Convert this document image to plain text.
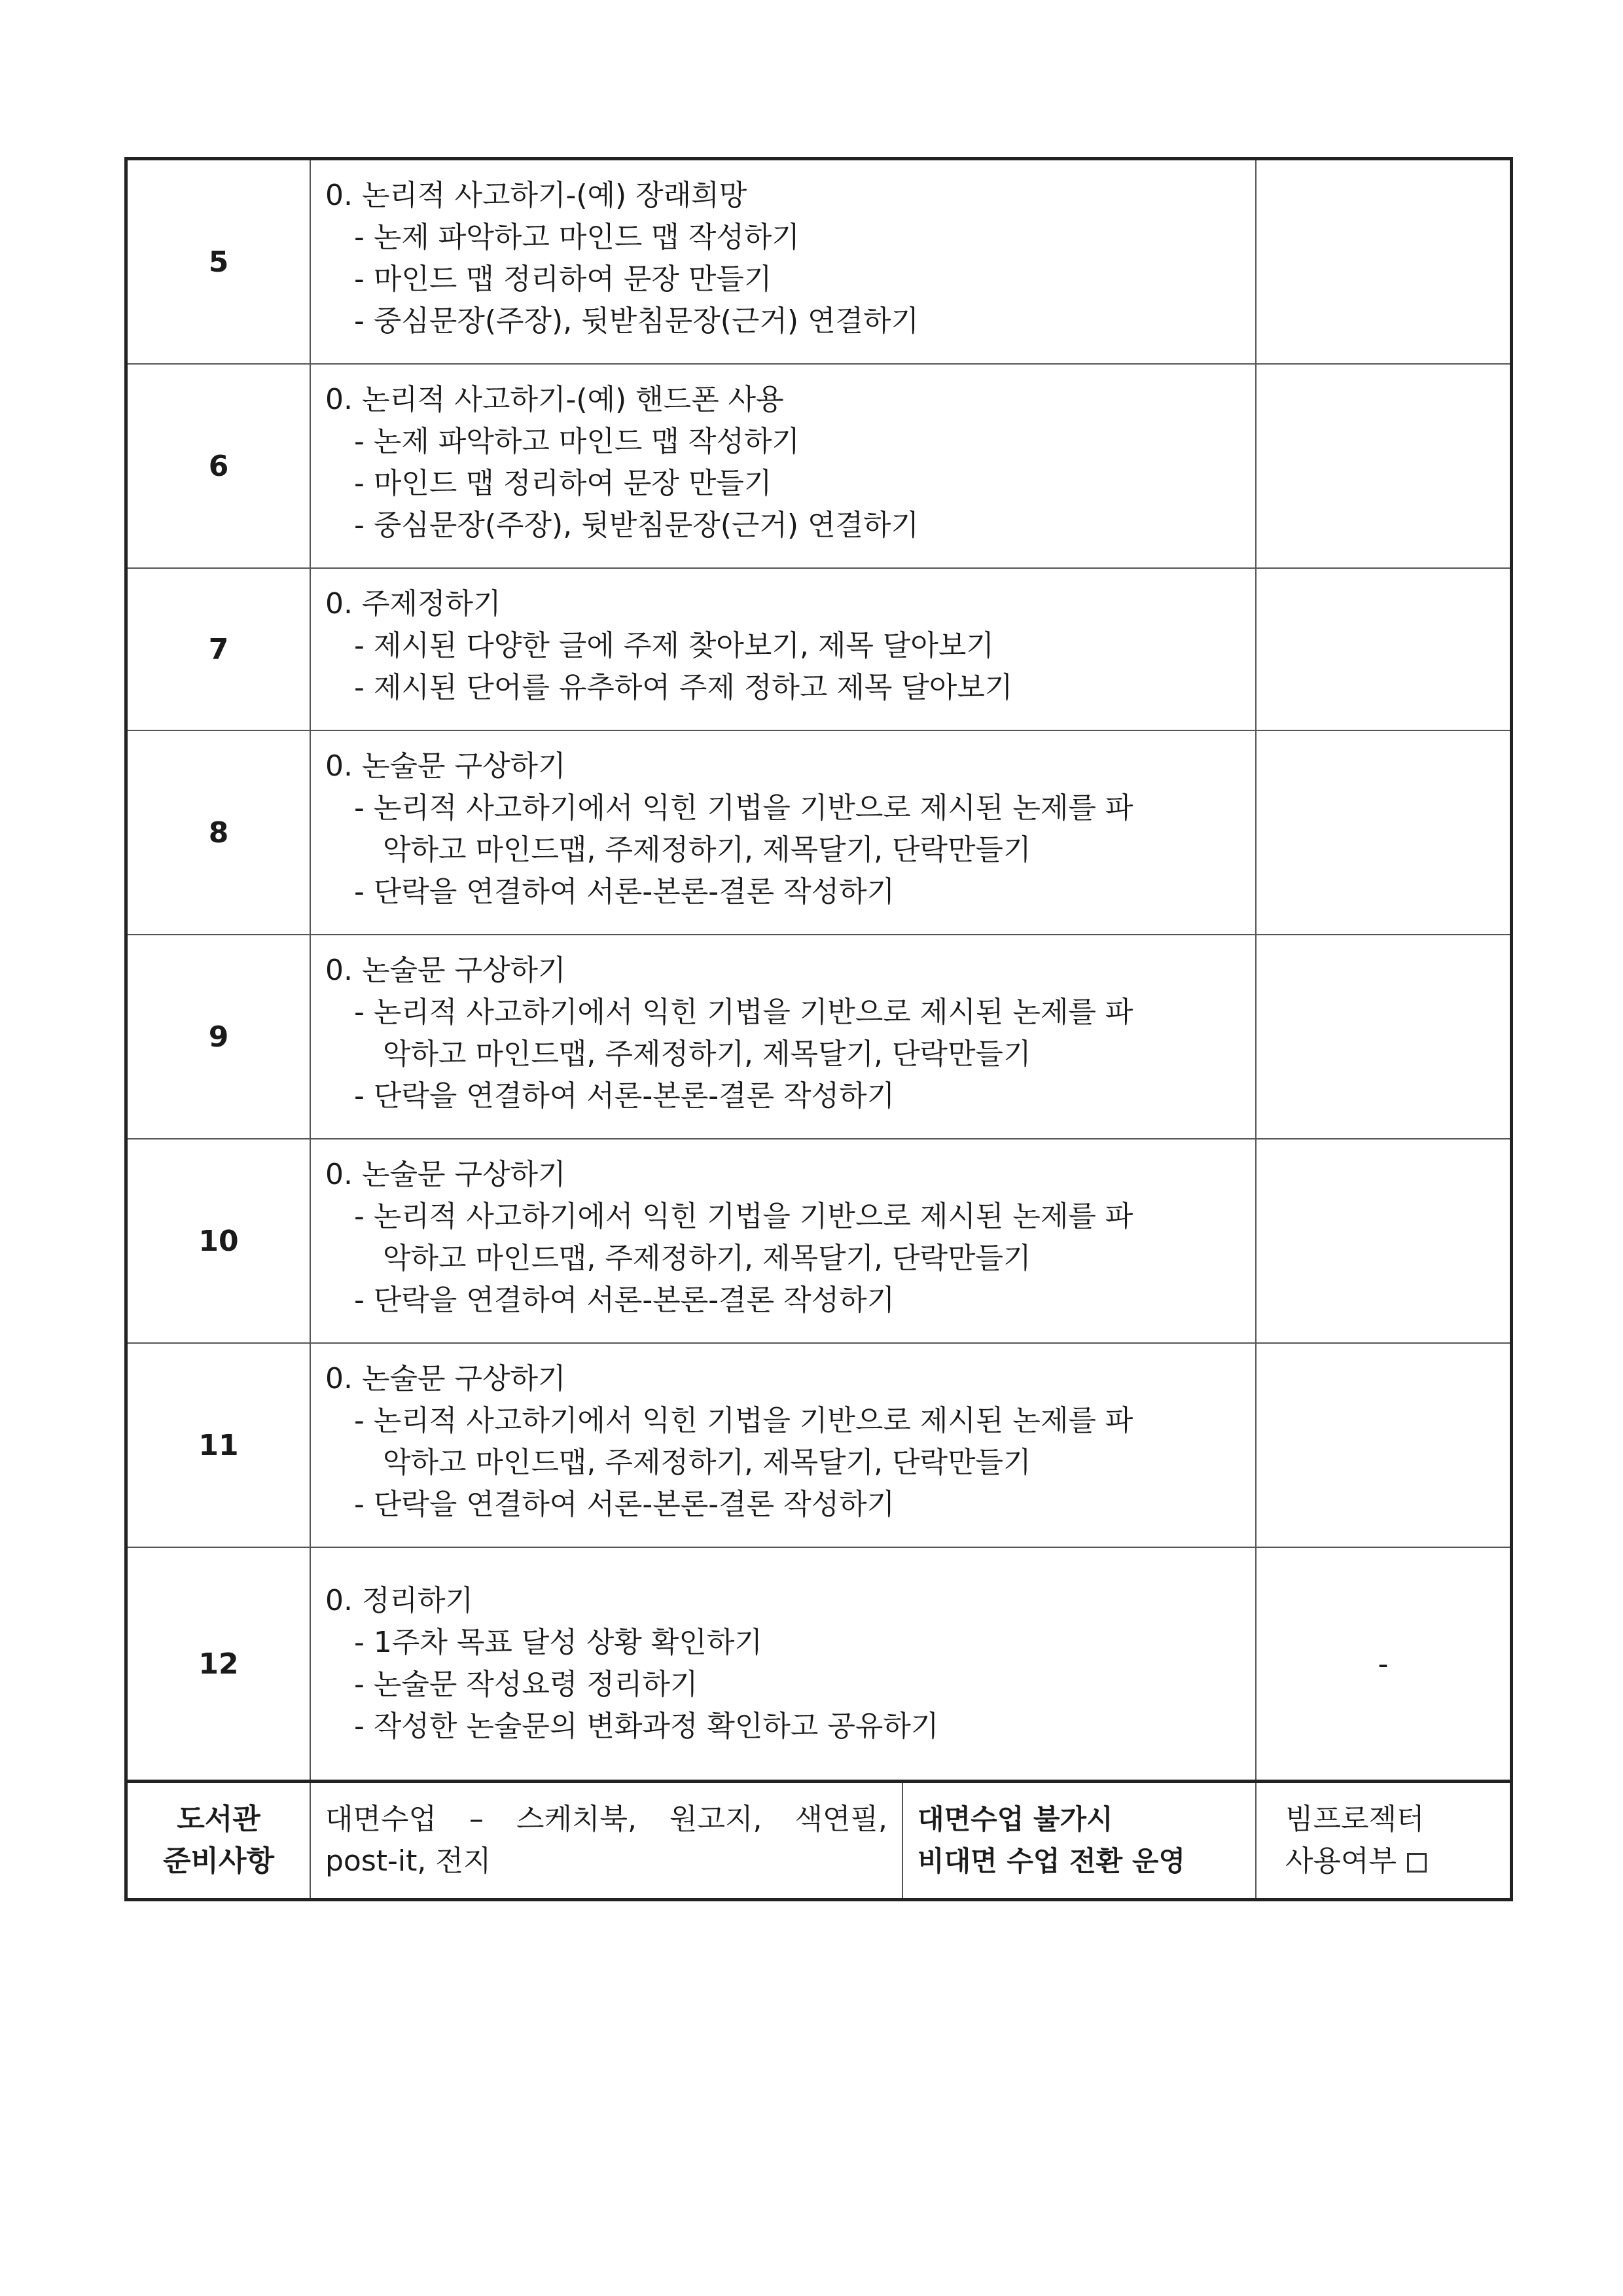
5
0. 논리적 사고하기-(예) 장래희망
- 논제 파악하고 마인드 맵 작성하기
- 마인드 맵 정리하여 문장 만들기
- 중심문장(주장), 뒷받침문장(근거) 연결하기
6
0. 논리적 사고하기-(예) 핸드폰 사용
- 논제 파악하고 마인드 맵 작성하기
- 마인드 맵 정리하여 문장 만들기
- 중심문장(주장), 뒷받침문장(근거) 연결하기
7
0. 주제정하기
- 제시된 다양한 글에 주제 찾아보기, 제목 달아보기
- 제시된 단어를 유추하여 주제 정하고 제목 달아보기
8
0. 논술문 구상하기
- 논리적 사고하기에서 익힌 기법을 기반으로 제시된 논제를 파
악하고 마인드맵, 주제정하기, 제목달기, 단락만들기
- 단락을 연결하여 서론-본론-결론 작성하기
9
0. 논술문 구상하기
- 논리적 사고하기에서 익힌 기법을 기반으로 제시된 논제를 파
악하고 마인드맵, 주제정하기, 제목달기, 단락만들기
- 단락을 연결하여 서론-본론-결론 작성하기
10
0. 논술문 구상하기
- 논리적 사고하기에서 익힌 기법을 기반으로 제시된 논제를 파
악하고 마인드맵, 주제정하기, 제목달기, 단락만들기
- 단락을 연결하여 서론-본론-결론 작성하기
11
0. 논술문 구상하기
- 논리적 사고하기에서 익힌 기법을 기반으로 제시된 논제를 파
악하고 마인드맵, 주제정하기, 제목달기, 단락만들기
- 단락을 연결하여 서론-본론-결론 작성하기
12
0. 정리하기
- 1주차 목표 달성 상황 확인하기
- 논술문 작성요령 정리하기
- 작성한 논술문의 변화과정 확인하고 공유하기
-
도서관
준비사항
대면수업 – 스케치북, 원고지, 색연필,
post-it, 전지
대면수업 불가시
비대면 수업 전환 운영
빔프로젝터
사용여부
